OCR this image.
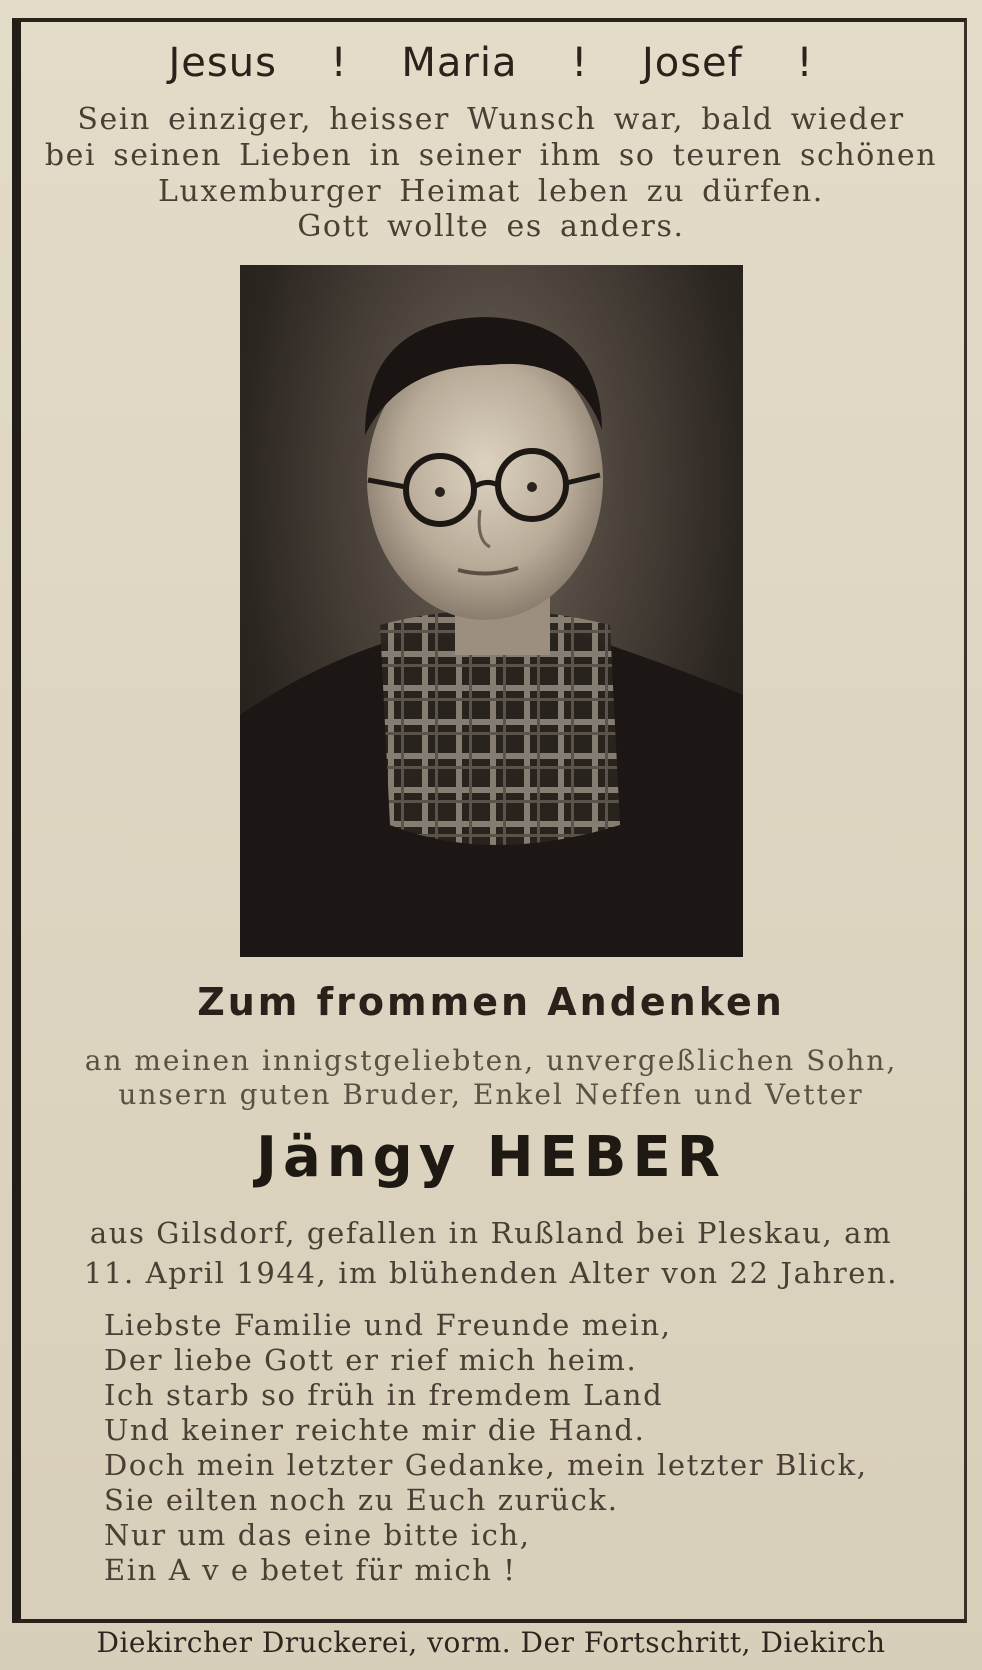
Jesus ! Maria ! Josef !
Sein einziger, heisser Wunsch war, bald wieder
bei seinen Lieben in seiner ihm so teuren schönen
Luxemburger Heimat leben zu dürfen.
Gott wollte es anders.
Zum frommen Andenken
an meinen innigstgeliebten, unvergeßlichen Sohn,
unsern guten Bruder, Enkel Neffen und Vetter
Jängy HEBER
aus Gilsdorf, gefallen in Rußland bei Pleskau, am
11. April 1944, im blühenden Alter von 22 Jahren.
Liebste Familie und Freunde mein,
Der liebe Gott er rief mich heim.
Ich starb so früh in fremdem Land
Und keiner reichte mir die Hand.
Doch mein letzter Gedanke, mein letzter Blick,
Sie eilten noch zu Euch zurück.
Nur um das eine bitte ich,
Ein A v e betet für mich !
Diekircher Druckerei, vorm. Der Fortschritt, Diekirch
